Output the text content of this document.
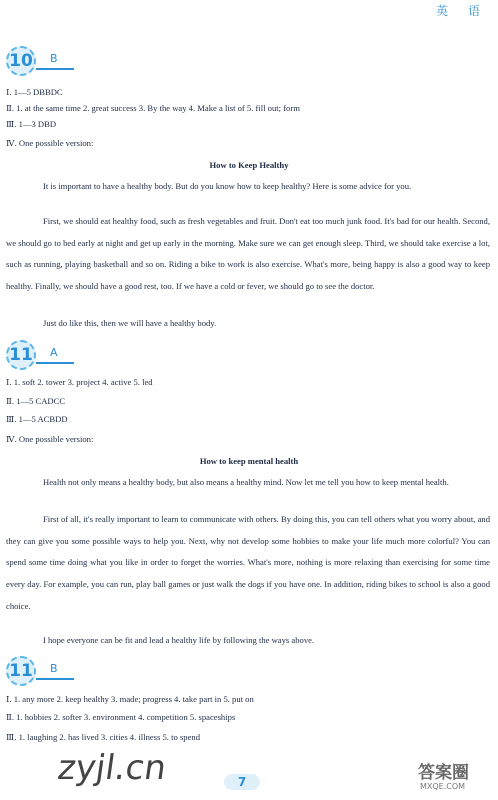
英 语
10 B
Ⅰ. 1—5 DBBDC
Ⅱ. 1. at the same time 2. great success 3. By the way 4. Make a list of 5. fill out; form
Ⅲ. 1—3 DBD
Ⅳ. One possible version:
How to Keep Healthy
It is important to have a healthy body. But do you know how to keep healthy? Here is some advice for you.
First, we should eat healthy food, such as fresh vegetables and fruit. Don't eat too much junk food. It's bad for our health. Second, we should go to bed early at night and get up early in the morning. Make sure we can get enough sleep. Third, we should take exercise a lot, such as running, playing basketball and so on. Riding a bike to work is also exercise. What's more, being happy is also a good way to keep healthy. Finally, we should have a good rest, too. If we have a cold or fever, we should go to see the doctor.
Just do like this, then we will have a healthy body.
11 A
Ⅰ. 1. soft 2. tower 3. project 4. active 5. led
Ⅱ. 1—5 CADCC
Ⅲ. 1—5 ACBDD
Ⅳ. One possible version:
How to keep mental health
Health not only means a healthy body, but also means a healthy mind. Now let me tell you how to keep mental health.
First of all, it's really important to learn to communicate with others. By doing this, you can tell others what you worry about, and they can give you some possible ways to help you. Next, why not develop some hobbies to make your life much more colorful? You can spend some time doing what you like in order to forget the worries. What's more, nothing is more relaxing than exercising for some time every day. For example, you can run, play ball games or just walk the dogs if you have one. In addition, riding bikes to school is also a good choice.
I hope everyone can be fit and lead a healthy life by following the ways above.
11 B
Ⅰ. 1. any more 2. keep healthy 3. made; progress 4. take part in 5. put on
Ⅱ. 1. hobbies 2. softer 3. environment 4. competition 5. spaceships
Ⅲ. 1. laughing 2. has lived 3. cities 4. illness 5. to spend
zyjl.cn	7	答案圈
MXQE.COM
